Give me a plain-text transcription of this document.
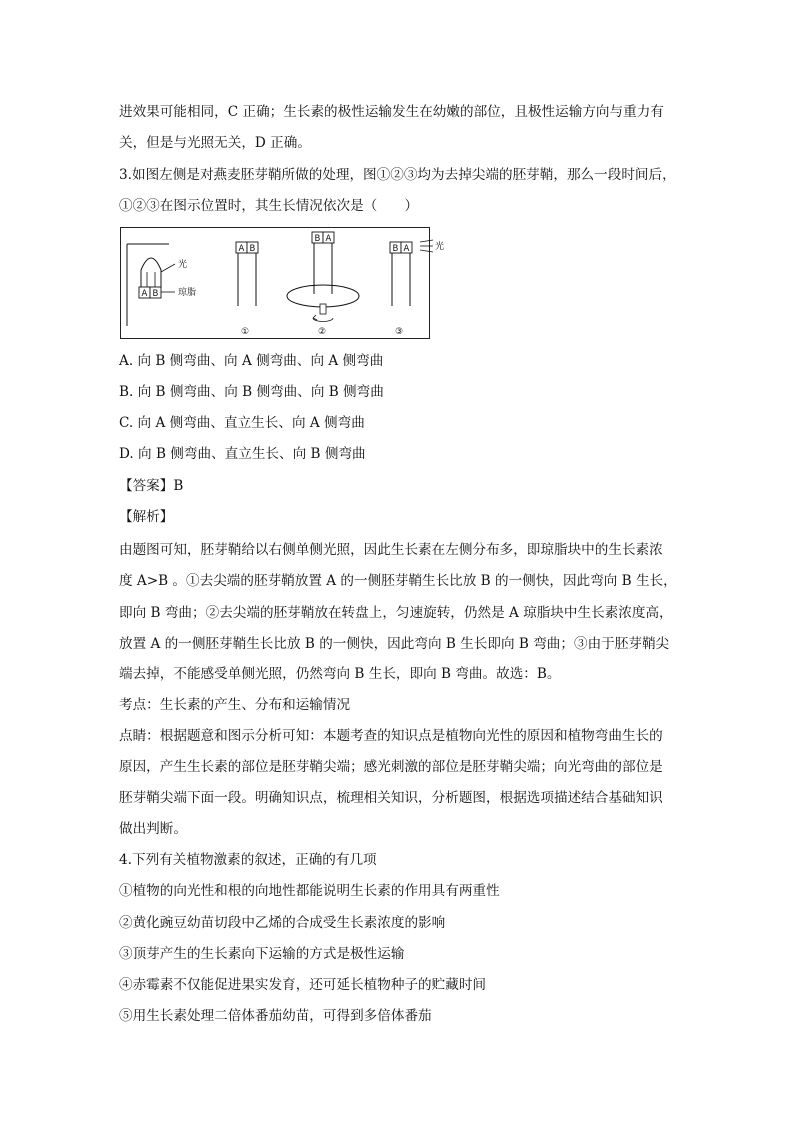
进效果可能相同，C 正确；生长素的极性运输发生在幼嫩的部位，且极性运输方向与重力有
关，但是与光照无关，D 正确。
3.如图左侧是对燕麦胚芽鞘所做的处理，图①②③均为去掉尖端的胚芽鞘，那么一段时间后，
①②③在图示位置时，其生长情况依次是（　　）
A B
光
琼脂
A B
①
B A
②
B A
③
光
A. 向 B 侧弯曲、向 A 侧弯曲、向 A 侧弯曲
B. 向 B 侧弯曲、向 B 侧弯曲、向 B 侧弯曲
C. 向 A 侧弯曲、直立生长、向 A 侧弯曲
D. 向 B 侧弯曲、直立生长、向 B 侧弯曲
【答案】B
【解析】
由题图可知，胚芽鞘给以右侧单侧光照，因此生长素在左侧分布多，即琼脂块中的生长素浓
度 A>B 。①去尖端的胚芽鞘放置 A 的一侧胚芽鞘生长比放 B 的一侧快，因此弯向 B 生长，
即向 B 弯曲；②去尖端的胚芽鞘放在转盘上，匀速旋转，仍然是 A 琼脂块中生长素浓度高，
放置 A 的一侧胚芽鞘生长比放 B 的一侧快，因此弯向 B 生长即向 B 弯曲；③由于胚芽鞘尖
端去掉，不能感受单侧光照，仍然弯向 B 生长，即向 B 弯曲。故选：B。
考点：生长素的产生、分布和运输情况
点睛：根据题意和图示分析可知：本题考查的知识点是植物向光性的原因和植物弯曲生长的
原因，产生生长素的部位是胚芽鞘尖端；感光刺激的部位是胚芽鞘尖端；向光弯曲的部位是
胚芽鞘尖端下面一段。明确知识点，梳理相关知识，分析题图，根据选项描述结合基础知识
做出判断。
4.下列有关植物激素的叙述，正确的有几项
①植物的向光性和根的向地性都能说明生长素的作用具有两重性
②黄化豌豆幼苗切段中乙烯的合成受生长素浓度的影响
③顶芽产生的生长素向下运输的方式是极性运输
④赤霉素不仅能促进果实发育，还可延长植物种子的贮藏时间
⑤用生长素处理二倍体番茄幼苗，可得到多倍体番茄
